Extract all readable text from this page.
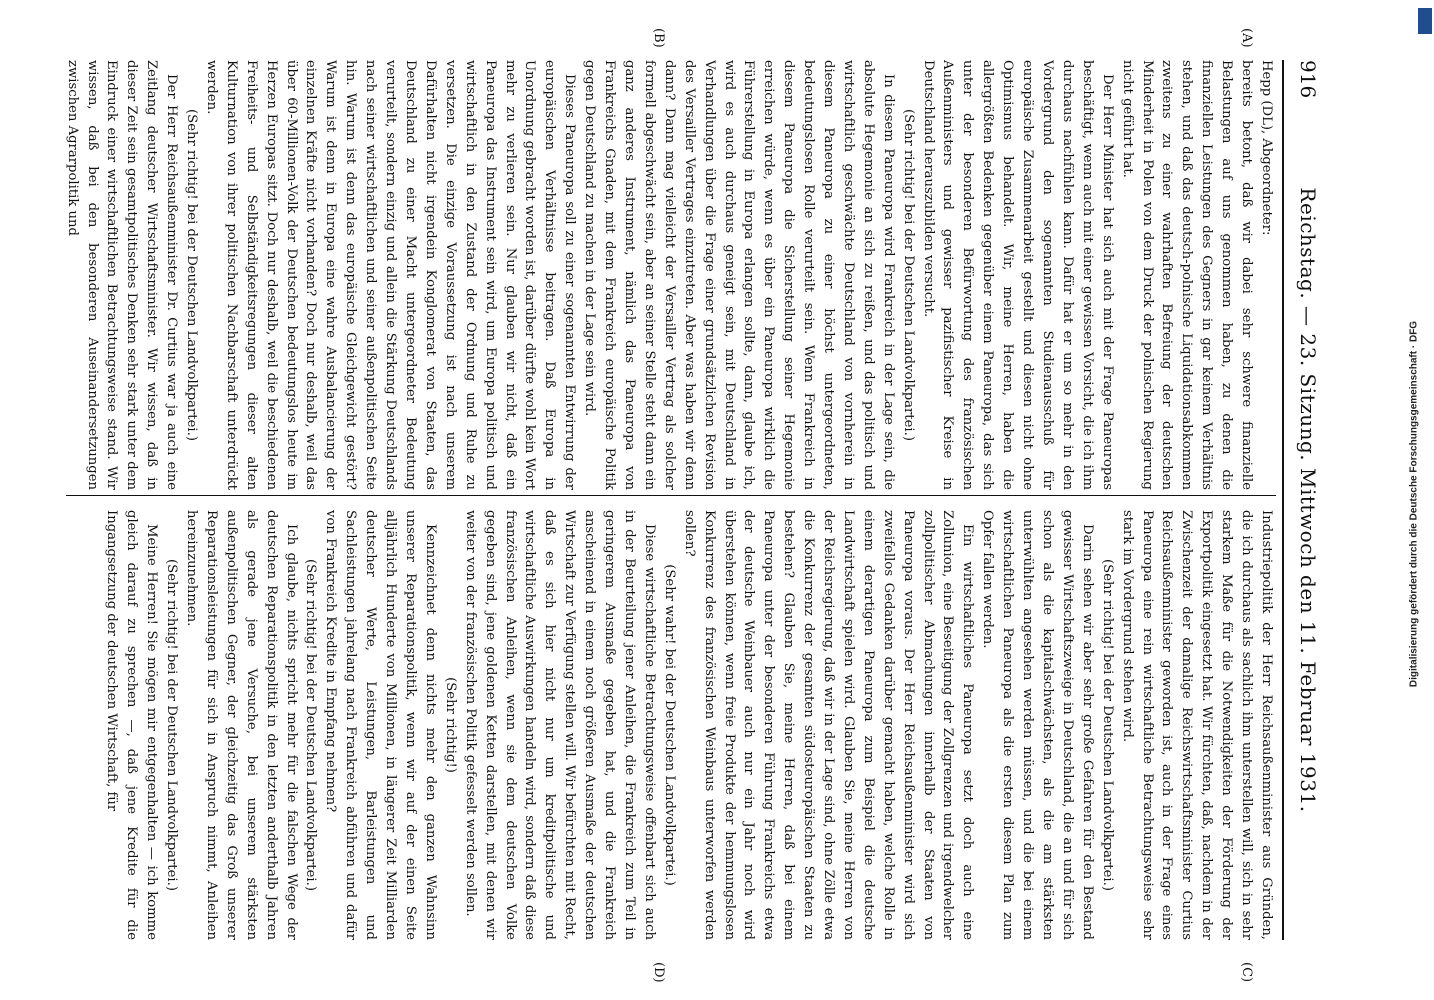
916
Reichstag. — 23. Sitzung. Mittwoch den 11. Februar 1931.
(A)
(B)
(C)
(D)

Hepp (DL), Abgeordneter:

bereits betont, daß wir dabei sehr schwere finanzielle Belastungen auf uns genommen haben, zu denen die finanziellen Leistungen des Gegners in gar keinem Verhältnis stehen, und daß das deutsch-polnische Liquidationsabkommen zweitens zu einer wahrhaften Befreiung der deutschen Minderheit in Polen von dem Druck der polnischen Regierung nicht geführt hat.

Der Herr Minister hat sich auch mit der Frage Paneuropas beschäftigt, wenn auch mit einer gewissen Vorsicht, die ich ihm durchaus nachfühlen kann. Dafür hat er um so mehr in den Vordergrund den sogenannten Studienausschuß für europäische Zusammenarbeit gestellt und diesen nicht ohne Optimismus behandelt. Wir, meine Herren, haben die allergrößten Bedenken gegenüber einem Paneuropa, das sich unter der besonderen Befürwortung des französischen Außenministers und gewisser pazifistischer Kreise in Deutschland herauszubilden versucht.

(Sehr richtig! bei der Deutschen Landvolkpartei.)

In diesem Paneuropa wird Frankreich in der Lage sein, die absolute Hegemonie an sich zu reißen, und das politisch und wirtschaftlich geschwächte Deutschland von vornherein in diesem Paneuropa zu einer höchst untergeordneten, bedeutungslosen Rolle verurteilt sein. Wenn Frankreich in diesem Paneuropa die Sicherstellung seiner Hegemonie erreichen würde, wenn es über ein Paneuropa wirklich die Führerstellung in Europa erlangen sollte, dann, glaube ich, wird es auch durchaus geneigt sein, mit Deutschland in Verhandlungen über die Frage einer grundsätzlichen Revision des Versailler Vertrages einzutreten. Aber was haben wir denn dann? Dann mag vielleicht der Versailler Vertrag als solcher formell abgeschwächt sein, aber an seiner Stelle steht dann ein ganz anderes Instrument, nämlich das Paneuropa von Frankreichs Gnaden, mit dem Frankreich europäische Politik gegen Deutschland zu machen in der Lage sein wird.

Dieses Paneuropa soll zu einer sogenannten Entwirrung der europäischen Verhältnisse beitragen. Daß Europa in Unordnung gebracht worden ist, darüber dürfte wohl kein Wort mehr zu verlieren sein. Nur glauben wir nicht, daß ein Paneuropa das Instrument sein wird, um Europa politisch und wirtschaftlich in den Zustand der Ordnung und Ruhe zu versetzen. Die einzige Voraussetzung ist nach unserem Dafürhalten nicht irgendein Konglomerat von Staaten, das Deutschland zu einer Macht untergeordneter Bedeutung verurteilt, sondern einzig und allein die Stärkung Deutschlands nach seiner wirtschaftlichen und seiner außenpolitischen Seite hin. Warum ist denn das europäische Gleichgewicht gestört? Warum ist denn in Europa eine wahre Ausbalancierung der einzelnen Kräfte nicht vorhanden? Doch nur deshalb, weil das über 60-Millionen-Volk der Deutschen bedeutungslos heute im Herzen Europas sitzt. Doch nur deshalb, weil die beschiedenen Freiheits- und Selbständigkeitsregungen dieser alten Kulturnation von ihrer politischen Nachbarschaft unterdrückt werden.

(Sehr richtig! bei der Deutschen Landvolkpartei.)

Der Herr Reichsaußenminister Dr. Curtius war ja auch eine Zeitlang deutscher Wirtschaftsminister. Wir wissen, daß in dieser Zeit sein gesamtpolitisches Denken sehr stark unter dem Eindruck einer wirtschaftlichen Betrachtungsweise stand. Wir wissen, daß bei den besonderen Auseinandersetzungen zwischen Agrarpolitik und

Industriepolitik der Herr Reichsaußenminister aus Gründen, die ich durchaus als sachlich ihm unterstellen will, sich in sehr starkem Maße für die Notwendigkeiten der Förderung der Exportpolitik eingesetzt hat. Wir fürchten, daß, nachdem in der Zwischenzeit der damalige Reichswirtschaftsminister Curtius Reichsaußenminister geworden ist, auch in der Frage eines Paneuropa eine rein wirtschaftliche Betrachtungsweise sehr stark im Vordergrund stehen wird.

(Sehr richtig! bei der Deutschen Landvolkpartei.)

Darin sehen wir aber sehr große Gefahren für den Bestand gewisser Wirtschaftszweige in Deutschland, die an und für sich schon als die kapitalschwächsten, als die am stärksten unterwühlten angesehen werden müssen, und die bei einem wirtschaftlichen Paneuropa als die ersten diesem Plan zum Opfer fallen werden.

Ein wirtschaftliches Paneuropa setzt doch auch eine Zollunion, eine Beseitigung der Zollgrenzen und irgendwelcher zollpolitischer Abmachungen innerhalb der Staaten von Paneuropa voraus. Der Herr Reichsaußenminister wird sich zweifellos Gedanken darüber gemacht haben, welche Rolle in einem derartigen Paneuropa zum Beispiel die deutsche Landwirtschaft spielen wird. Glauben Sie, meine Herren von der Reichsregierung, daß wir in der Lage sind, ohne Zölle etwa die Konkurrenz der gesamten südosteuropäischen Staaten zu bestehen? Glauben Sie, meine Herren, daß bei einem Paneuropa unter der besonderen Führung Frankreichs etwa der deutsche Weinbauer auch nur ein Jahr noch wird überstehen können, wenn freie Produkte der hemmungslosen Konkurrenz des französischen Weinbaus unterworfen werden sollen?

(Sehr wahr! bei der Deutschen Landvolkpartei.)

Diese wirtschaftliche Betrachtungsweise offenbart sich auch in der Beurteilung jener Anleihen, die Frankreich zum Teil in geringerem Ausmaße gegeben hat, und die Frankreich anscheinend in einem noch größeren Ausmaße der deutschen Wirtschaft zur Verfügung stellen will. Wir befürchten mit Recht, daß es sich hier nicht nur um kreditpolitische und wirtschaftliche Auswirkungen handeln wird, sondern daß diese französischen Anleihen, wenn sie dem deutschen Volke gegeben sind, jene goldenen Ketten darstellen, mit denen wir weiter von der französischen Politik gefesselt werden sollen.

(Sehr richtig!)

Kennzeichnet denn nichts mehr den ganzen Wahnsinn unserer Reparationspolitik, wenn wir auf der einen Seite alljährlich Hunderte von Millionen, in längerer Zeit Milliarden deutscher Werte, Leistungen, Barleistungen und Sachleistungen jahrelang nach Frankreich abführen und dafür von Frankreich Kredite in Empfang nehmen?

(Sehr richtig! bei der Deutschen Landvolkpartei.)

Ich glaube, nichts spricht mehr für die falschen Wege der deutschen Reparationspolitik in den letzten anderthalb Jahren als gerade jene Versuche, bei unserem stärksten außenpolitischen Gegner, der gleichzeitig das Groß unserer Reparationsleistungen für sich in Anspruch nimmt, Anleihen hereinzunehmen.

(Sehr richtig! bei der Deutschen Landvolkpartei.)

Meine Herren! Sie mögen mir entgegenhalten — ich komme gleich darauf zu sprechen —, daß jene Kredite für die Ingangsetzung der deutschen Wirtschaft, für	Digitalisierung gefördert durch die Deutsche Forschungsgemeinschaft · DFG
